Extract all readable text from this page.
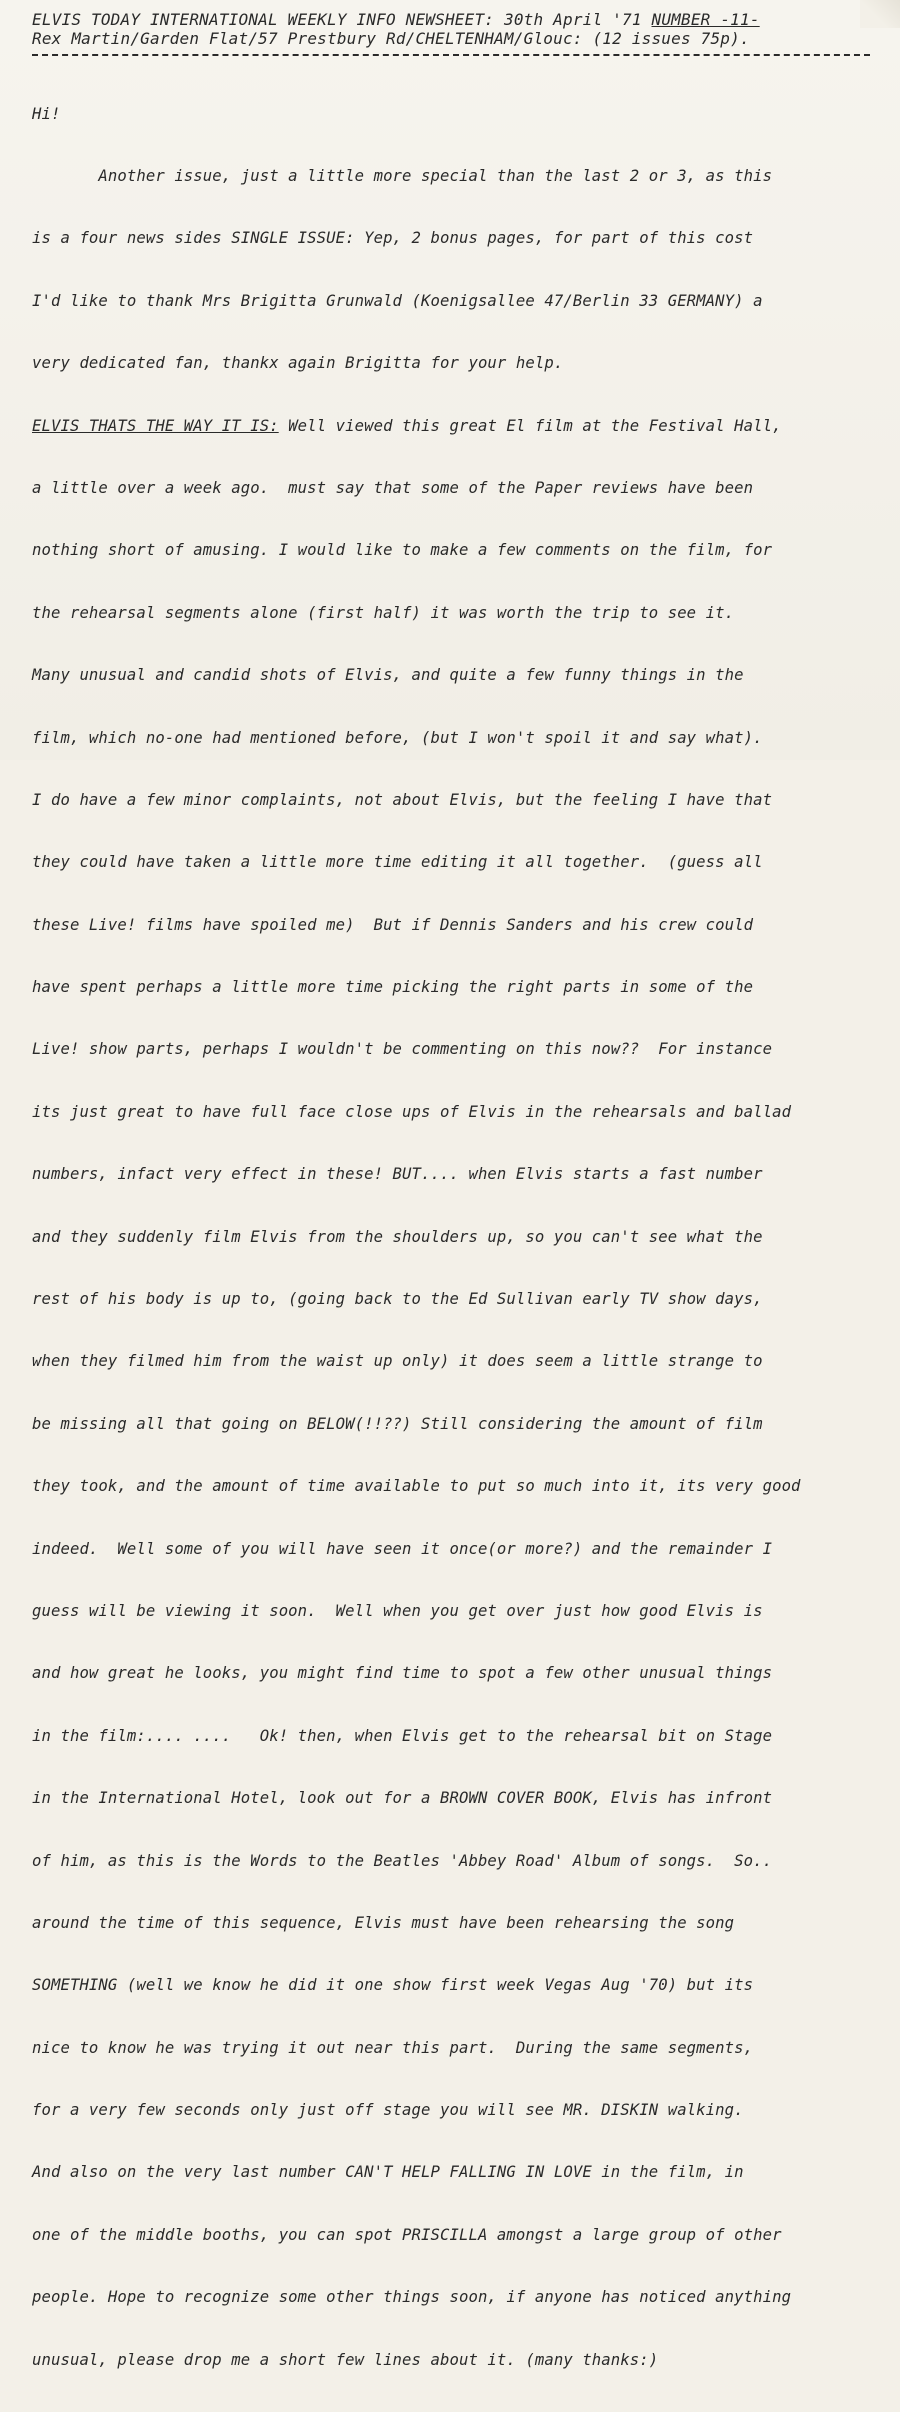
ELVIS TODAY INTERNATIONAL WEEKLY INFO NEWSHEET: 30th April '71 NUMBER -11-
Rex Martin/Garden Flat/57 Prestbury Rd/CHELTENHAM/Glouc: (12 issues 75p).

Hi!

Another issue, just a little more special than the last 2 or 3, as this

is a four news sides SINGLE ISSUE: Yep, 2 bonus pages, for part of this cost

I'd like to thank Mrs Brigitta Grunwald (Koenigsallee 47/Berlin 33 GERMANY) a

very dedicated fan, thankx again Brigitta for your help.

ELVIS THATS THE WAY IT IS: Well viewed this great El film at the Festival Hall,

a little over a week ago.  must say that some of the Paper reviews have been

nothing short of amusing. I would like to make a few comments on the film, for

the rehearsal segments alone (first half) it was worth the trip to see it.

Many unusual and candid shots of Elvis, and quite a few funny things in the

film, which no-one had mentioned before, (but I won't spoil it and say what).

I do have a few minor complaints, not about Elvis, but the feeling I have that

they could have taken a little more time editing it all together.  (guess all

these Live! films have spoiled me)  But if Dennis Sanders and his crew could

have spent perhaps a little more time picking the right parts in some of the

Live! show parts, perhaps I wouldn't be commenting on this now??  For instance

its just great to have full face close ups of Elvis in the rehearsals and ballad

numbers, infact very effect in these! BUT.... when Elvis starts a fast number

and they suddenly film Elvis from the shoulders up, so you can't see what the

rest of his body is up to, (going back to the Ed Sullivan early TV show days,

when they filmed him from the waist up only) it does seem a little strange to

be missing all that going on BELOW(!!??) Still considering the amount of film

they took, and the amount of time available to put so much into it, its very good

indeed.  Well some of you will have seen it once(or more?) and the remainder I

guess will be viewing it soon.  Well when you get over just how good Elvis is

and how great he looks, you might find time to spot a few other unusual things

in the film:.... ....   Ok! then, when Elvis get to the rehearsal bit on Stage

in the International Hotel, look out for a BROWN COVER BOOK, Elvis has infront

of him, as this is the Words to the Beatles 'Abbey Road' Album of songs.  So..

around the time of this sequence, Elvis must have been rehearsing the song

SOMETHING (well we know he did it one show first week Vegas Aug '70) but its

nice to know he was trying it out near this part.  During the same segments,

for a very few seconds only just off stage you will see MR. DISKIN walking.

And also on the very last number CAN'T HELP FALLING IN LOVE in the film, in

one of the middle booths, you can spot PRISCILLA amongst a large group of other

people. Hope to recognize some other things soon, if anyone has noticed anything

unusual, please drop me a short few lines about it. (many thanks:)
